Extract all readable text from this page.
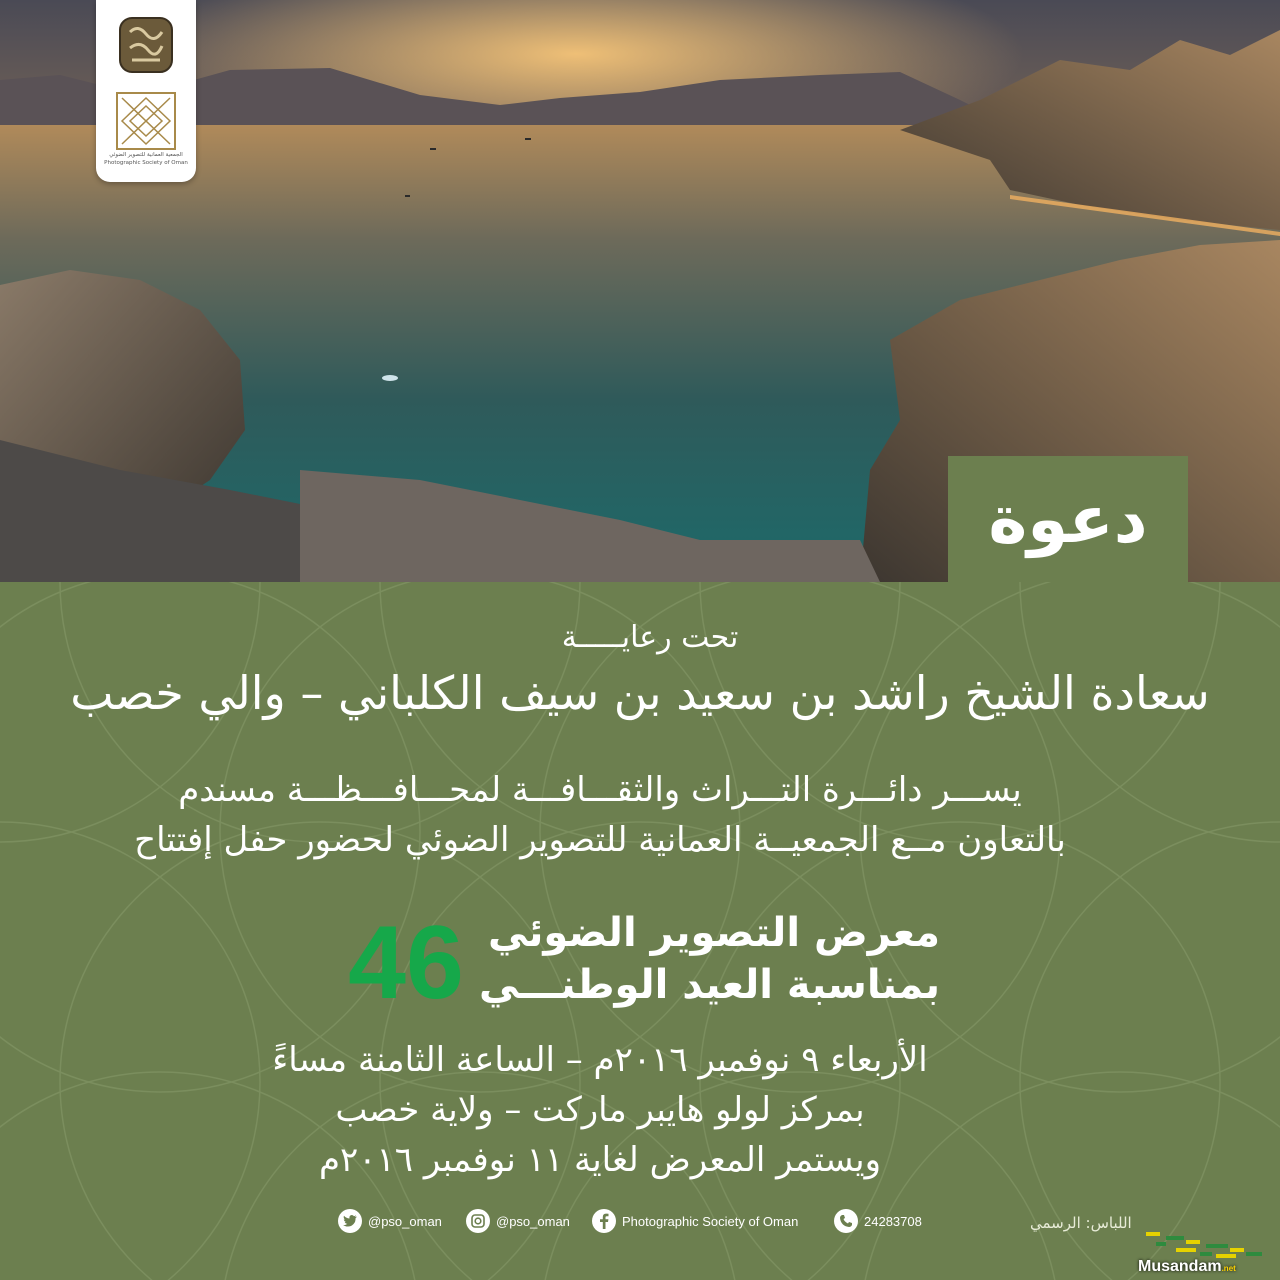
الجمعية العمانية للتصوير الضوئي
Photographic Society of Oman
دعوة
تحت رعايـــــة
سعادة الشيخ راشد بن سعيد بن سيف الكلباني – والي خصب
يســـر دائـــرة التـــراث والثقـــافـــة لمحـــافـــظـــة مسندم
بالتعاون مــع الجمعيــة العمانية للتصوير الضوئي لحضور حفل إفتتاح
معرض التصوير الضوئي
بمناسبة العيد الوطنـــي
46
الأربعاء ٩ نوفمبر ٢٠١٦م – الساعة الثامنة مساءً
بمركز لولو هايبر ماركت – ولاية خصب
ويستمر المعرض لغاية ١١ نوفمبر ٢٠١٦م
@pso_oman	@pso_oman	Photographic Society of Oman	24283708	اللباس: الرسمي
Musandam.net
